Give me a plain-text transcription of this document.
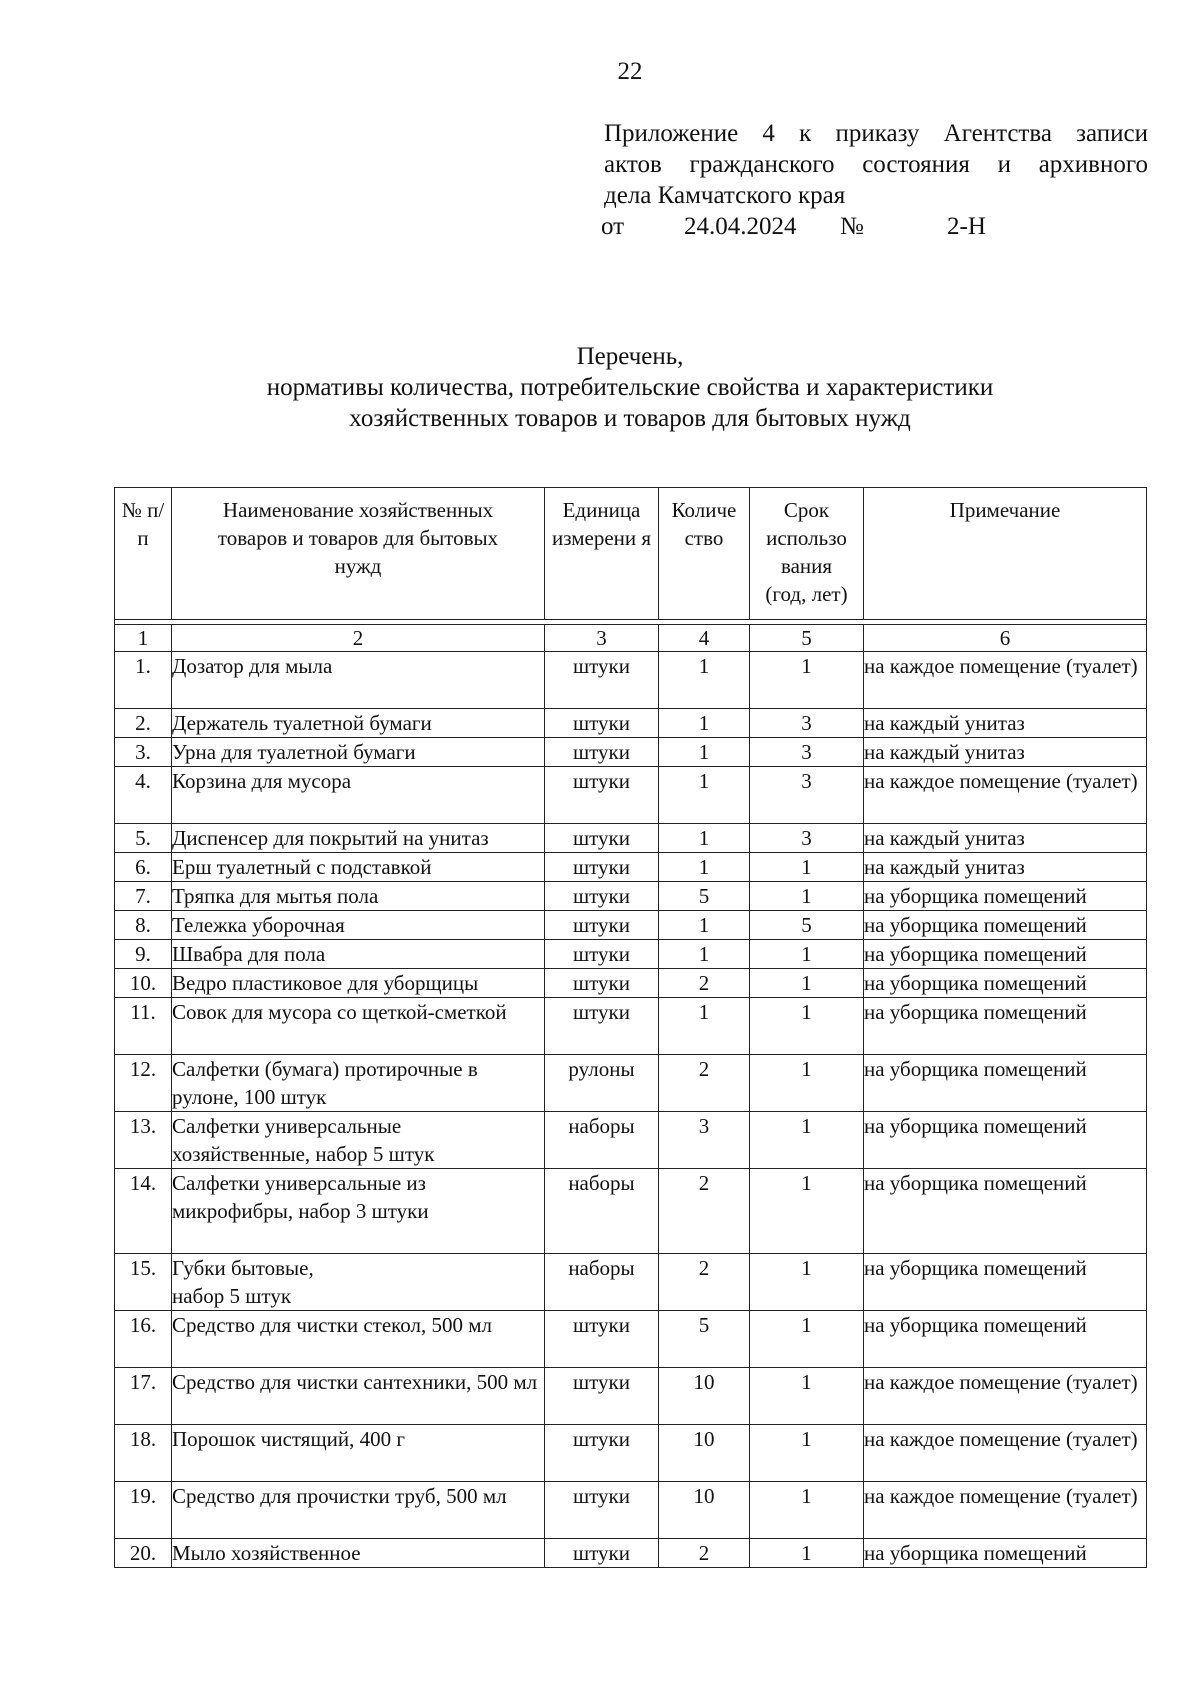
22
Приложение 4 к приказу Агентства записи
актов гражданского состояния и архивного
дела Камчатского края
от 24.04.2024 №	2-Н
Перечень,
нормативы количества, потребительские свойства и характеристики
хозяйственных товаров и товаров для бытовых нужд
№ п/п	Наименование хозяйственных товаров и товаров для бытовых нужд	Единица измерени я	Количе ство	Срок использо вания (год, лет)	Примечание

1	2	3	4	5	6
1.	Дозатор для мыла	штуки	1	1	на каждое помещение (туалет)
2.	Держатель туалетной бумаги	штуки	1	3	на каждый унитаз
3.	Урна для туалетной бумаги	штуки	1	3	на каждый унитаз
4.	Корзина для мусора	штуки	1	3	на каждое помещение (туалет)
5.	Диспенсер для покрытий на унитаз	штуки	1	3	на каждый унитаз
6.	Ерш туалетный с подставкой	штуки	1	1	на каждый унитаз
7.	Тряпка для мытья пола	штуки	5	1	на уборщика помещений
8.	Тележка уборочная	штуки	1	5	на уборщика помещений
9.	Швабра для пола	штуки	1	1	на уборщика помещений
10.	Ведро пластиковое для уборщицы	штуки	2	1	на уборщика помещений
11.	Совок для мусора со щеткой-сметкой	штуки	1	1	на уборщика помещений
12.	Салфетки (бумага) протирочные в рулоне, 100 штук	рулоны	2	1	на уборщика помещений
13.	Салфетки универсальные хозяйственные, набор 5 штук	наборы	3	1	на уборщика помещений
14.	Салфетки универсальные из микрофибры, набор 3 штуки	наборы	2	1	на уборщика помещений
15.	Губки бытовые, набор 5 штук	наборы	2	1	на уборщика помещений
16.	Средство для чистки стекол, 500 мл	штуки	5	1	на уборщика помещений
17.	Средство для чистки сантехники, 500 мл	штуки	10	1	на каждое помещение (туалет)
18.	Порошок чистящий, 400 г	штуки	10	1	на каждое помещение (туалет)
19.	Средство для прочистки труб, 500 мл	штуки	10	1	на каждое помещение (туалет)
20.	Мыло хозяйственное	штуки	2	1	на уборщика помещений
